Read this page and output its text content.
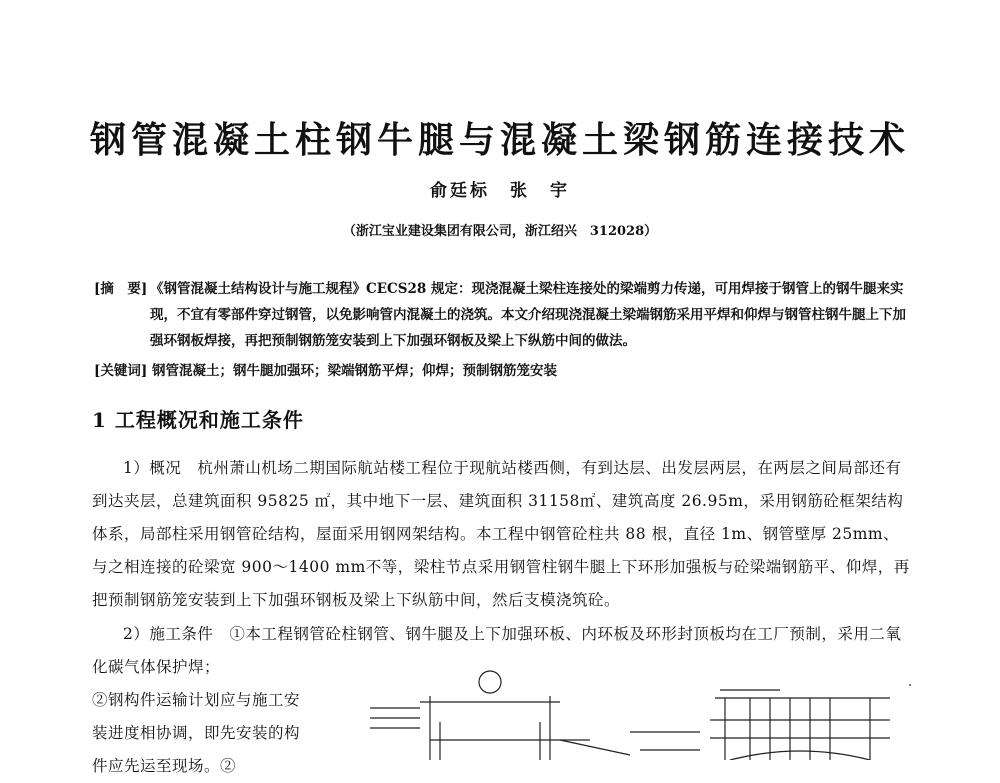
钢管混凝土柱钢牛腿与混凝土梁钢筋连接技术
俞廷标　张　宇
（浙江宝业建设集团有限公司，浙江绍兴　312028）
[摘　要] 《钢管混凝土结构设计与施工规程》CECS28 规定：现浇混凝土梁柱连接处的梁端剪力传递，可用焊接于钢管上的钢牛腿来实现，不宜有零部件穿过钢管，以免影响管内混凝土的浇筑。本文介绍现浇混凝土梁端钢筋采用平焊和仰焊与钢管柱钢牛腿上下加强环钢板焊接，再把预制钢筋笼安装到上下加强环钢板及梁上下纵筋中间的做法。
[关键词] 钢管混凝土；钢牛腿加强环；梁端钢筋平焊；仰焊；预制钢筋笼安装
1 工程概况和施工条件
1）概况　杭州萧山机场二期国际航站楼工程位于现航站楼西侧，有到达层、出发层两层，在两层之间局部还有到达夹层，总建筑面积 95825 ㎡，其中地下一层、建筑面积 31158㎡、建筑高度 26.95m，采用钢筋砼框架结构体系，局部柱采用钢管砼结构，屋面采用钢网架结构。本工程中钢管砼柱共 88 根，直径 1m、钢管壁厚 25mm、与之相连接的砼梁宽 900～1400 mm不等，梁柱节点采用钢管柱钢牛腿上下环形加强板与砼梁端钢筋平、仰焊，再把预制钢筋笼安装到上下加强环钢板及梁上下纵筋中间，然后支模浇筑砼。
2）施工条件　①本工程钢管砼柱钢管、钢牛腿及上下加强环板、内环板及环形封顶板均在工厂预制，采用二氧化碳气体保护焊；
②钢构件运输计划应与施工安装进度相协调，即先安装的构件应先运至现场。②
